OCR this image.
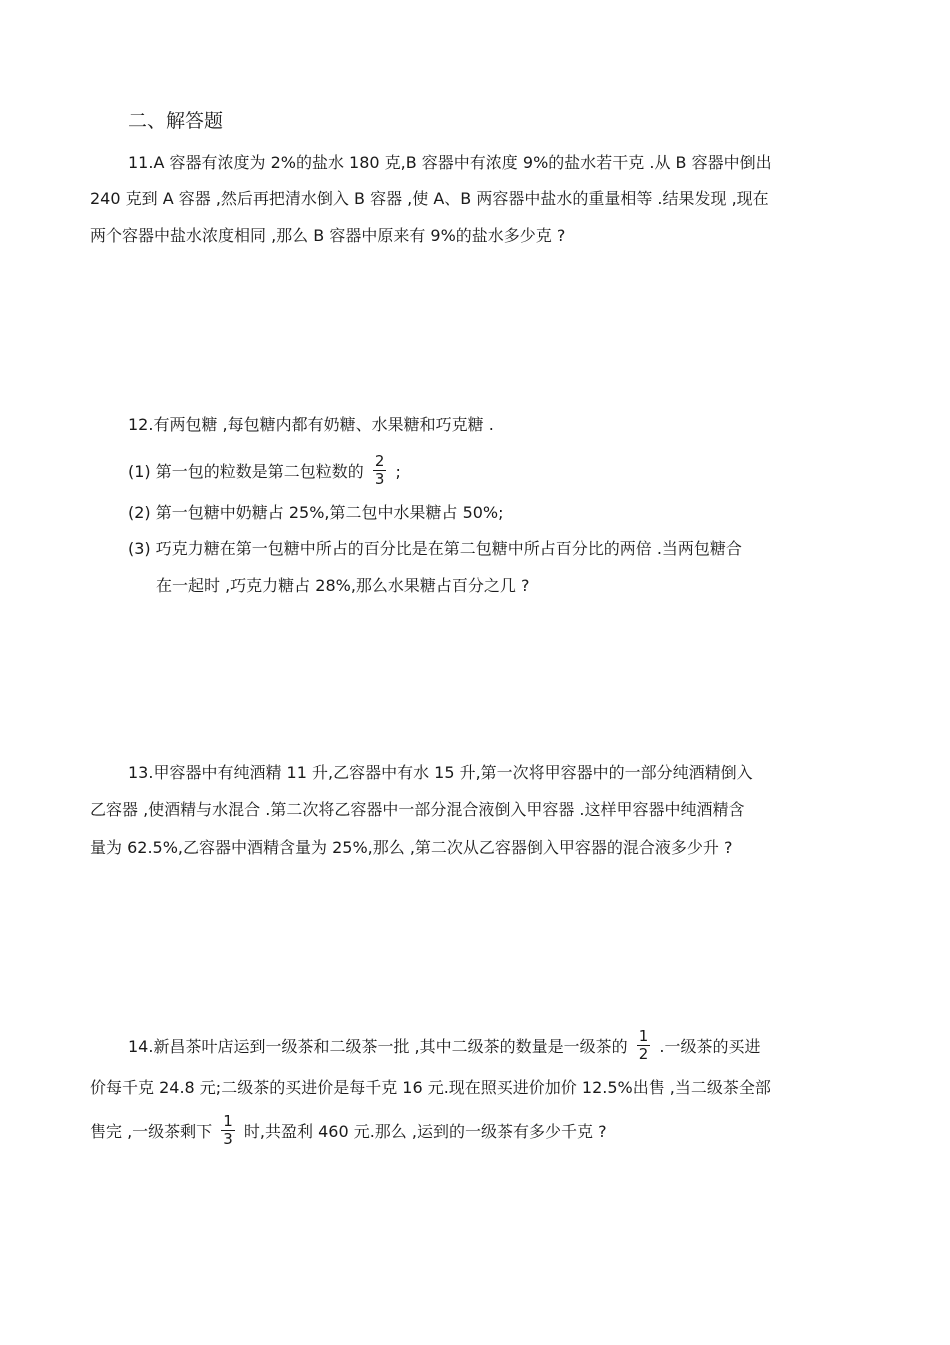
二、解答题
11.A 容器有浓度为 2%的盐水 180 克,B 容器中有浓度 9%的盐水若干克 .从 B 容器中倒出
240 克到 A 容器 ,然后再把清水倒入 B 容器 ,使 A、B 两容器中盐水的重量相等 .结果发现 ,现在
两个容器中盐水浓度相同 ,那么 B 容器中原来有 9%的盐水多少克 ?
12.有两包糖 ,每包糖内都有奶糖、水果糖和巧克糖 .
(1) 第一包的粒数是第二包粒数的 $\frac{2}{3}$ ;
(2) 第一包糖中奶糖占 25%,第二包中水果糖占 50%;
(3) 巧克力糖在第一包糖中所占的百分比是在第二包糖中所占百分比的两倍 .当两包糖合
在一起时 ,巧克力糖占 28%,那么水果糖占百分之几 ?
13.甲容器中有纯酒精 11 升,乙容器中有水 15 升,第一次将甲容器中的一部分纯酒精倒入
乙容器 ,使酒精与水混合 .第二次将乙容器中一部分混合液倒入甲容器 .这样甲容器中纯酒精含
量为 62.5%,乙容器中酒精含量为 25%,那么 ,第二次从乙容器倒入甲容器的混合液多少升 ?
14.新昌茶叶店运到一级茶和二级茶一批 ,其中二级茶的数量是一级茶的 $\frac{1}{2}$ .一级茶的买进
价每千克 24.8 元;二级茶的买进价是每千克 16 元.现在照买进价加价 12.5%出售 ,当二级茶全部
售完 ,一级茶剩下 $\frac{1}{3}$ 时,共盈利 460 元.那么 ,运到的一级茶有多少千克 ?
